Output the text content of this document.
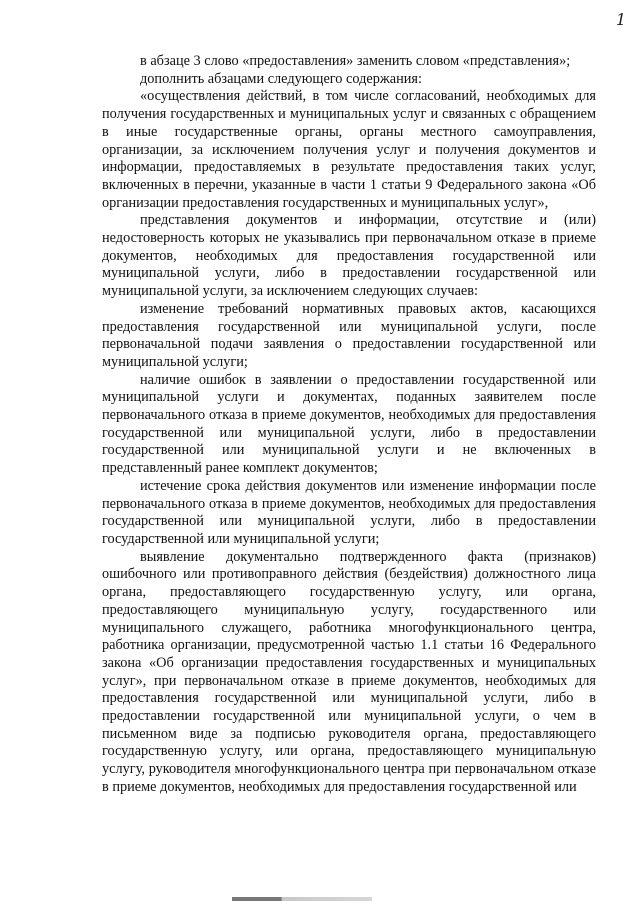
1

в абзаце 3 слово «предоставления» заменить словом «представления»;

дополнить абзацами следующего содержания:

«осуществления действий, в том числе согласований, необходимых для получения государственных и муниципальных услуг и связанных с обращением в иные государственные органы, органы местного самоуправления, организации, за исключением получения услуг и получения документов и информации, предоставляемых в результате предоставления таких услуг, включенных в перечни, указанные в части 1 статьи 9 Федерального закона «Об организации предоставления государственных и муниципальных услуг»,

представления документов и информации, отсутствие и (или) недостоверность которых не указывались при первоначальном отказе в приеме документов, необходимых для предоставления государственной или муниципальной услуги, либо в предоставлении государственной или муниципальной услуги, за исключением следующих случаев:

изменение требований нормативных правовых актов, касающихся предоставления государственной или муниципальной услуги, после первоначальной подачи заявления о предоставлении государственной или муниципальной услуги;

наличие ошибок в заявлении о предоставлении государственной или муниципальной услуги и документах, поданных заявителем после первоначального отказа в приеме документов, необходимых для предоставления государственной или муниципальной услуги, либо в предоставлении государственной или муниципальной услуги и не включенных в представленный ранее комплект документов;

истечение срока действия документов или изменение информации после первоначального отказа в приеме документов, необходимых для предоставления государственной или муниципальной услуги, либо в предоставлении государственной или муниципальной услуги;

выявление документально подтвержденного факта (признаков) ошибочного или противоправного действия (бездействия) должностного лица органа, предоставляющего государственную услугу, или органа, предоставляющего муниципальную услугу, государственного или муниципального служащего, работника многофункционального центра, работника организации, предусмотренной частью 1.1 статьи 16 Федерального закона «Об организации предоставления государственных и муниципальных услуг», при первоначальном отказе в приеме документов, необходимых для предоставления государственной или муниципальной услуги, либо в предоставлении государственной или муниципальной услуги, о чем в письменном виде за подписью руководителя органа, предоставляющего государственную услугу, или органа, предоставляющего муниципальную услугу, руководителя многофункционального центра при первоначальном отказе в приеме документов, необходимых для предоставления государственной или
